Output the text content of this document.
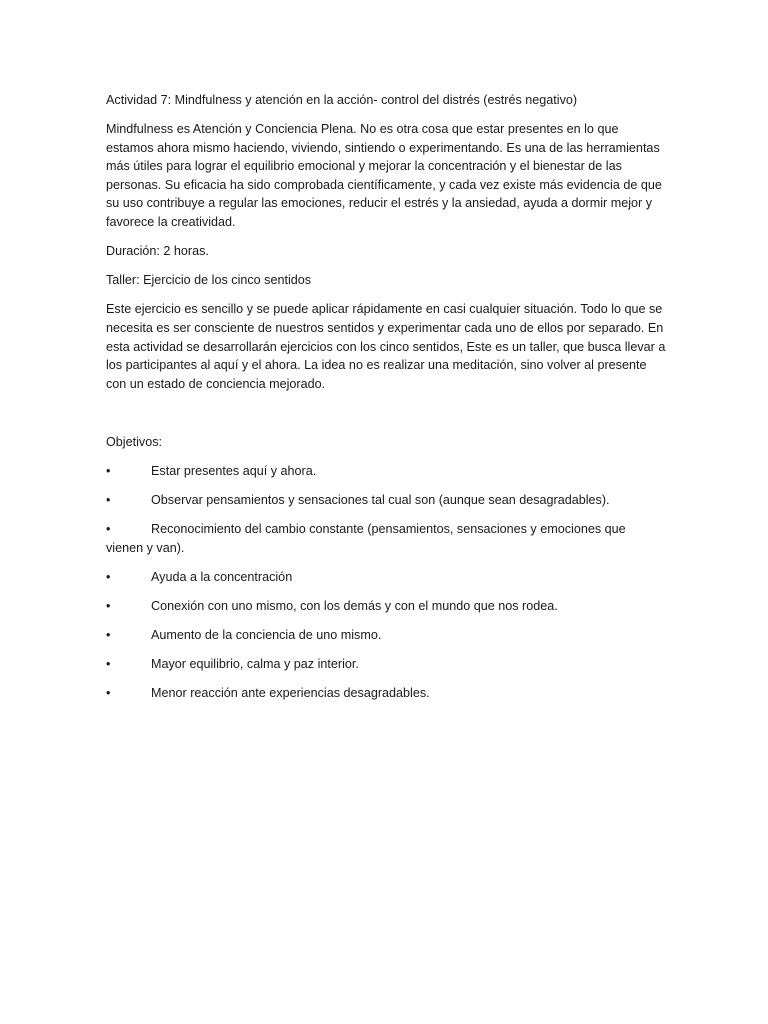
Actividad 7: Mindfulness y atención en la acción- control del distrés (estrés negativo)

Mindfulness es Atención y Conciencia Plena. No es otra cosa que estar presentes en lo que estamos ahora mismo haciendo, viviendo, sintiendo o experimentando. Es una de las herramientas más útiles para lograr el equilibrio emocional y mejorar la concentración y el bienestar de las personas. Su eficacia ha sido comprobada científicamente, y cada vez existe más evidencia de que su uso contribuye a regular las emociones, reducir el estrés y la ansiedad, ayuda a dormir mejor y favorece la creatividad.

Duración: 2 horas.

Taller: Ejercicio de los cinco sentidos

Este ejercicio es sencillo y se puede aplicar rápidamente en casi cualquier situación. Todo lo que se necesita es ser consciente de nuestros sentidos y experimentar cada uno de ellos por separado. En esta actividad se desarrollarán ejercicios con los cinco sentidos, Este es un taller, que busca llevar a los participantes al aquí y el ahora. La idea no es realizar una meditación, sino volver al presente con un estado de conciencia mejorado.

Objetivos:

•	Estar presentes aquí y ahora.
•	Observar pensamientos y sensaciones tal cual son (aunque sean desagradables).
•	Reconocimiento del cambio constante (pensamientos, sensaciones y emociones que vienen y van).
•	Ayuda a la concentración
•	Conexión con uno mismo, con los demás y con el mundo que nos rodea.
•	Aumento de la conciencia de uno mismo.
•	Mayor equilibrio, calma y paz interior.
•	Menor reacción ante experiencias desagradables.
